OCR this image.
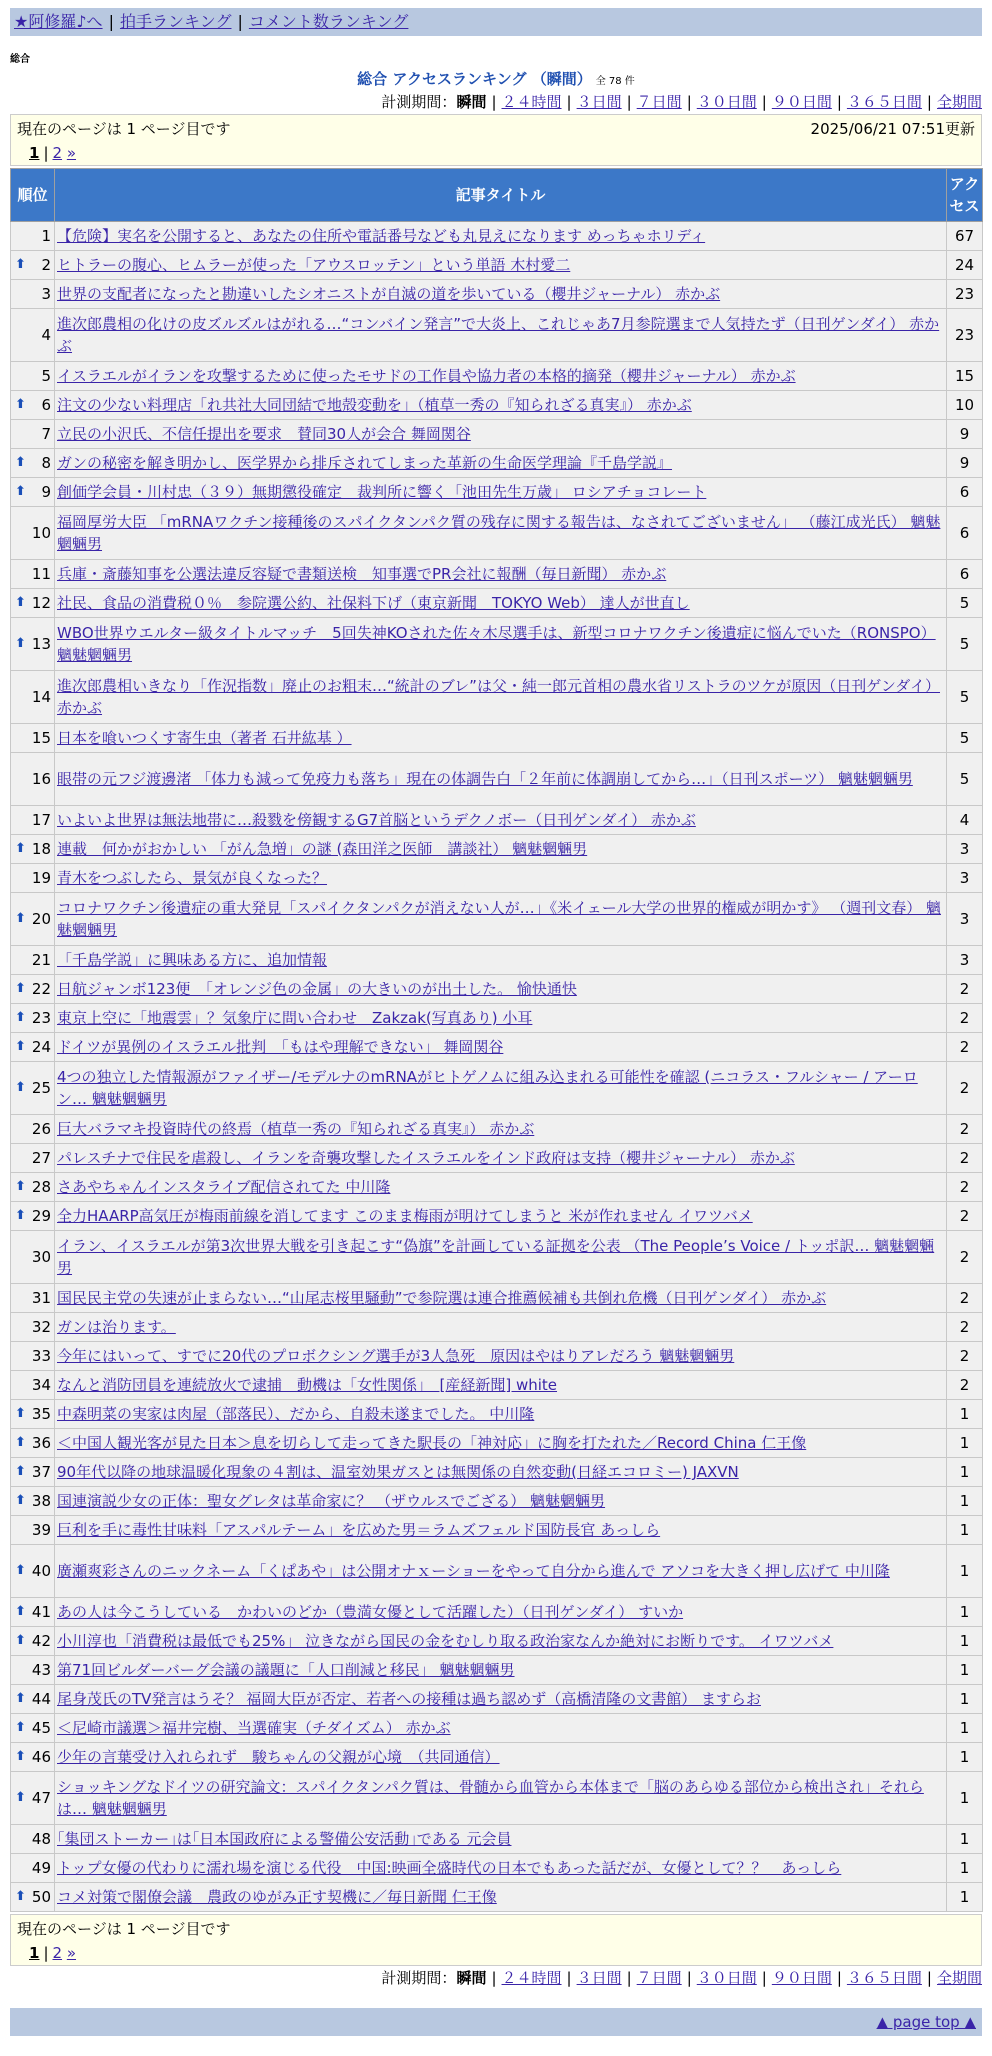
★阿修羅♪へ | 拍手ランキング | コメント数ランキング
総合
総合 アクセスランキング （瞬間） 全 78 件
計測期間：瞬間 | ２４時間 | ３日間 | ７日間 | ３０日間 | ９０日間 | ３６５日間 | 全期間
現在のページは 1 ページ目です	2025/06/21 07:51更新
1 | 2 »
順位	記事タイトル	アクセス
1	【危険】実名を公開すると、あなたの住所や電話番号なども丸見えになります めっちゃホリディ	67

⬆ 2	ヒトラーの腹心、ヒムラーが使った「アウスロッテン」という単語 木村愛二	24
3	世界の支配者になったと勘違いしたシオニストが自滅の道を歩いている（櫻井ジャーナル） 赤かぶ	23
4	進次郎農相の化けの皮ズルズルはがれる…“コンバイン発言”で大炎上、これじゃあ7月参院選まで人気持たず（日刊ゲンダイ） 赤かぶ	23
5	イスラエルがイランを攻撃するために使ったモサドの工作員や協力者の本格的摘発（櫻井ジャーナル） 赤かぶ	15

⬆ 6	注文の少ない料理店「れ共社大同団結で地殻変動を」（植草一秀の『知られざる真実』） 赤かぶ	10
7	立民の小沢氏、不信任提出を要求　賛同30人が会合 舞岡関谷	9

⬆ 8	ガンの秘密を解き明かし、医学界から排斥されてしまった革新の生命医学理論『千島学説』	9

⬆ 9	創価学会員・川村忠（３９）無期懲役確定　裁判所に響く「池田先生万歳」 ロシアチョコレート	6
10	福岡厚労大臣 「mRNAワクチン接種後のスパイクタンパク質の残存に関する報告は、なされてございません」 （藤江成光氏） 魑魅魍魎男	6
11	兵庫・斎藤知事を公選法違反容疑で書類送検　知事選でPR会社に報酬（毎日新聞） 赤かぶ	6

⬆ 12	社民、食品の消費税０％　参院選公約、社保料下げ（東京新聞　TOKYO Web） 達人が世直し	5

⬆ 13	WBO世界ウエルター級タイトルマッチ　5回失神KOされた佐々木尽選手は、新型コロナワクチン後遺症に悩んでいた（RONSPO） 魑魅魍魎男	5
14	進次郎農相いきなり「作況指数」廃止のお粗末…“統計のブレ”は父・純一郎元首相の農水省リストラのツケが原因（日刊ゲンダイ） 赤かぶ	5
15	日本を喰いつくす寄生虫（著者 石井紘基 ）	5
16	眼帯の元フジ渡邊渚 「体力も減って免疫力も落ち」現在の体調告白「２年前に体調崩してから…」（日刊スポーツ） 魑魅魍魎男	5
17	いよいよ世界は無法地帯に…殺戮を傍観するG7首脳というデクノボー（日刊ゲンダイ） 赤かぶ	4

⬆ 18	連載　何かがおかしい 「がん急増」の謎 (森田洋之医師　講談社） 魑魅魍魎男	3
19	青木をつぶしたら、景気が良くなった？	3

⬆ 20	コロナワクチン後遺症の重大発見「スパイクタンパクが消えない人が…」《米イェール大学の世界的権威が明かす》 （週刊文春） 魑魅魍魎男	3
21	「千島学説」に興味ある方に、追加情報	3

⬆ 22	日航ジャンボ123便　「オレンジ色の金属」の大きいのが出土した。 愉快通快	2

⬆ 23	東京上空に「地震雲」？気象庁に問い合わせ　Zakzak(写真あり) 小耳	2

⬆ 24	ドイツが異例のイスラエル批判　「もはや理解できない」 舞岡関谷	2

⬆ 25	4つの独立した情報源がファイザー/モデルナのmRNAがヒトゲノムに組み込まれる可能性を確認 (ニコラス・フルシャー / アーロン… 魑魅魍魎男	2
26	巨大バラマキ投資時代の終焉（植草一秀の『知られざる真実』） 赤かぶ	2
27	パレスチナで住民を虐殺し、イランを奇襲攻撃したイスラエルをインド政府は支持（櫻井ジャーナル） 赤かぶ	2

⬆ 28	さあやちゃんインスタライブ配信されてた 中川隆	2

⬆ 29	全力HAARP高気圧が梅雨前線を消してます このまま梅雨が明けてしまうと 米が作れません イワツバメ	2
30	イラン、イスラエルが第3次世界大戦を引き起こす“偽旗”を計画している証拠を公表 （The People’s Voice / トッポ訳… 魑魅魍魎男	2
31	国民民主党の失速が止まらない…“山尾志桜里騒動”で参院選は連合推薦候補も共倒れ危機（日刊ゲンダイ） 赤かぶ	2
32	ガンは治ります。	2
33	今年にはいって、すでに20代のプロボクシング選手が3人急死　原因はやはりアレだろう 魑魅魍魎男	2
34	なんと消防団員を連続放火で逮捕　動機は「女性関係」　[産経新聞] white	2

⬆ 35	中森明菜の実家は肉屋（部落民）、だから、自殺未遂までした。 中川隆	1

⬆ 36	＜中国人観光客が見た日本＞息を切らして走ってきた駅長の「神対応」に胸を打たれた／Record China 仁王像	1

⬆ 37	90年代以降の地球温暖化現象の４割は、温室効果ガスとは無関係の自然変動(日経エコロミー) JAXVN	1

⬆ 38	国連演説少女の正体：聖女グレタは革命家に？ （ザウルスでござる） 魑魅魍魎男	1
39	巨利を手に毒性甘味料「アスパルテーム」を広めた男＝ラムズフェルド国防長官 あっしら	1

⬆ 40	廣瀬爽彩さんのニックネーム「くぱあや」は公開オナｘーショーをやって自分から進んで アソコを大きく押し広げて 中川隆	1

⬆ 41	あの人は今こうしている　かわいのどか（豊満女優として活躍した）（日刊ゲンダイ） すいか	1

⬆ 42	小川淳也「消費税は最低でも25%」 泣きながら国民の金をむしり取る政治家なんか絶対にお断りです。 イワツバメ	1
43	第71回ビルダーバーグ会議の議題に「人口削減と移民」 魑魅魍魎男	1

⬆ 44	尾身茂氏のTV発言はうそ？ 福岡大臣が否定、若者への接種は過ち認めず（高橋清隆の文書館） ますらお	1

⬆ 45	＜尼崎市議選＞福井完樹、当選確実（チダイズム） 赤かぶ	1

⬆ 46	少年の言葉受け入れられず　駿ちゃんの父親が心境　（共同通信）	1

⬆ 47	ショッキングなドイツの研究論文：スパイクタンパク質は、骨髄から血管から本体まで「脳のあらゆる部位から検出され」それらは… 魑魅魍魎男	1
48	｢集団ストーカー｣は｢日本国政府による警備公安活動｣である 元会員	1
49	トップ女優の代わりに濡れ場を演じる代役　中国:映画全盛時代の日本でもあった話だが、女優として？？　あっしら	1

⬆ 50	コメ対策で閣僚会議　農政のゆがみ正す契機に／毎日新聞 仁王像	1
現在のページは 1 ページ目です
1 | 2 »
計測期間：瞬間 | ２４時間 | ３日間 | ７日間 | ３０日間 | ９０日間 | ３６５日間 | 全期間
▲ page top ▲
